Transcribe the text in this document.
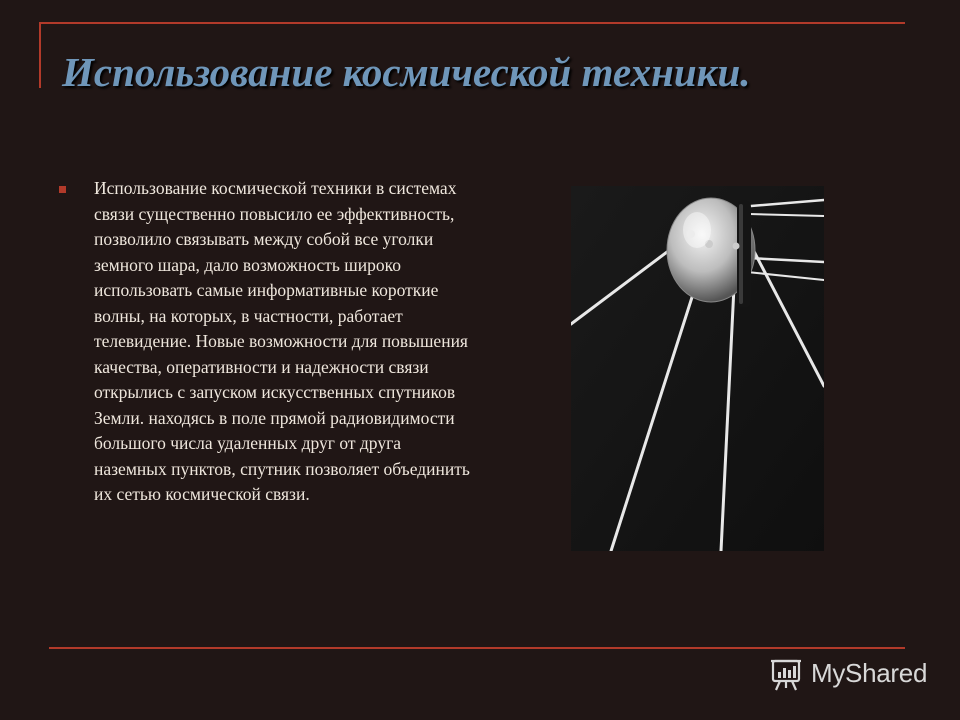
Использование космической техники.

Использование космической техники в системах связи существенно повысило ее эффективность, позволило связывать между собой все уголки земного шара, дало возможность широко использовать самые информативные короткие волны, на которых, в частности, работает телевидение. Новые возможности для повышения качества, оперативности и надежности связи открылись с запуском искусственных спутников Земли. находясь в поле прямой радиовидимости большого числа удаленных друг от друга наземных пунктов, спутник позволяет объединить их сетью космической связи.

MyShared
